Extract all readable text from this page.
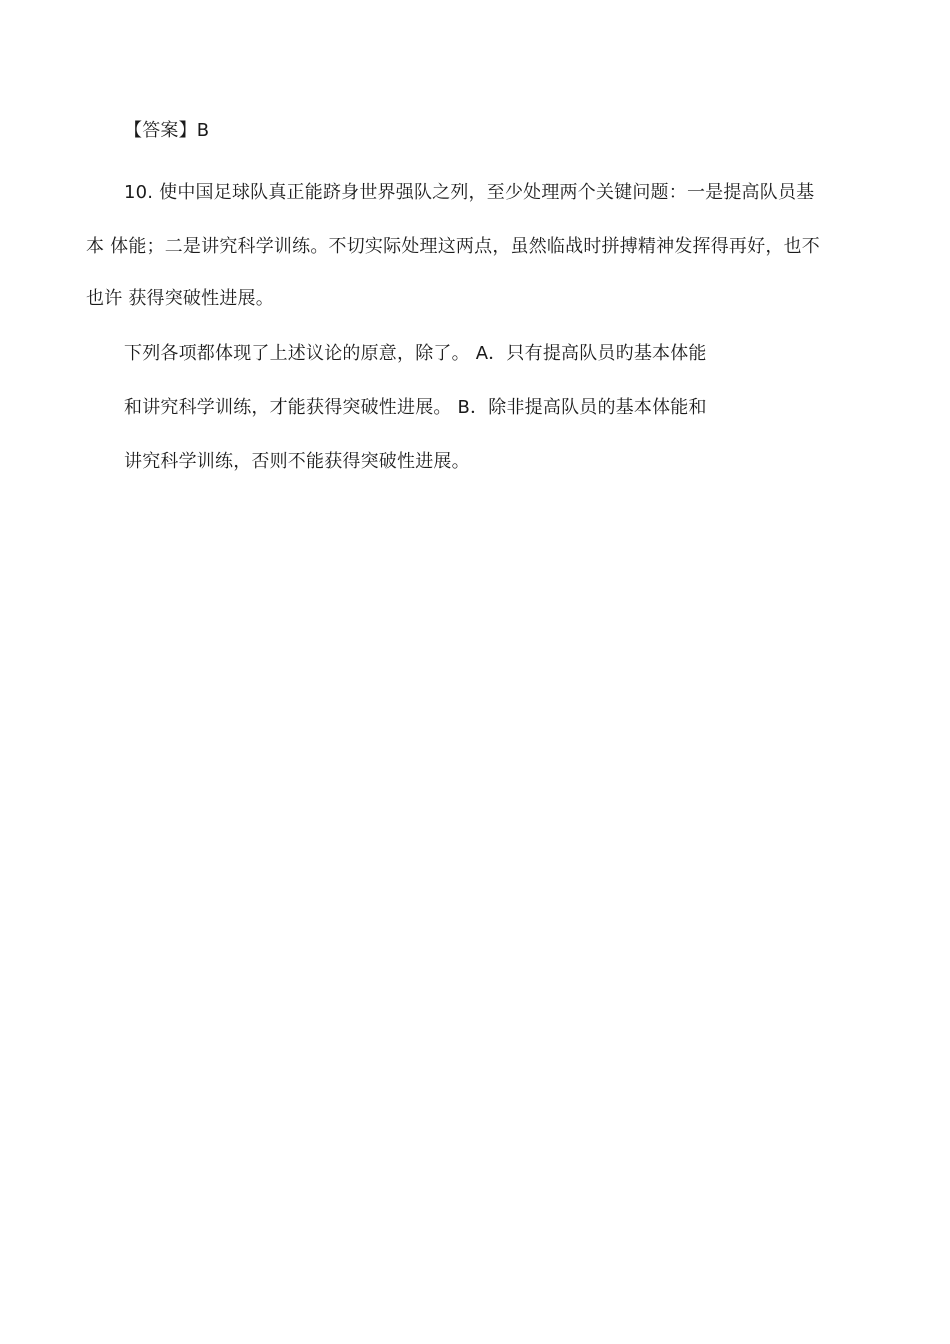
【答案】B
10. 使中国足球队真正能跻身世界强队之列，至少处理两个关键问题：一是提高队员基
本 体能；二是讲究科学训练。不切实际处理这两点，虽然临战时拼搏精神发挥得再好，也不
也许 获得突破性进展。
下列各项都体现了上述议论的原意，除了。 A．只有提高队员旳基本体能
和讲究科学训练，才能获得突破性进展。 B．除非提高队员的基本体能和
讲究科学训练，否则不能获得突破性进展。
